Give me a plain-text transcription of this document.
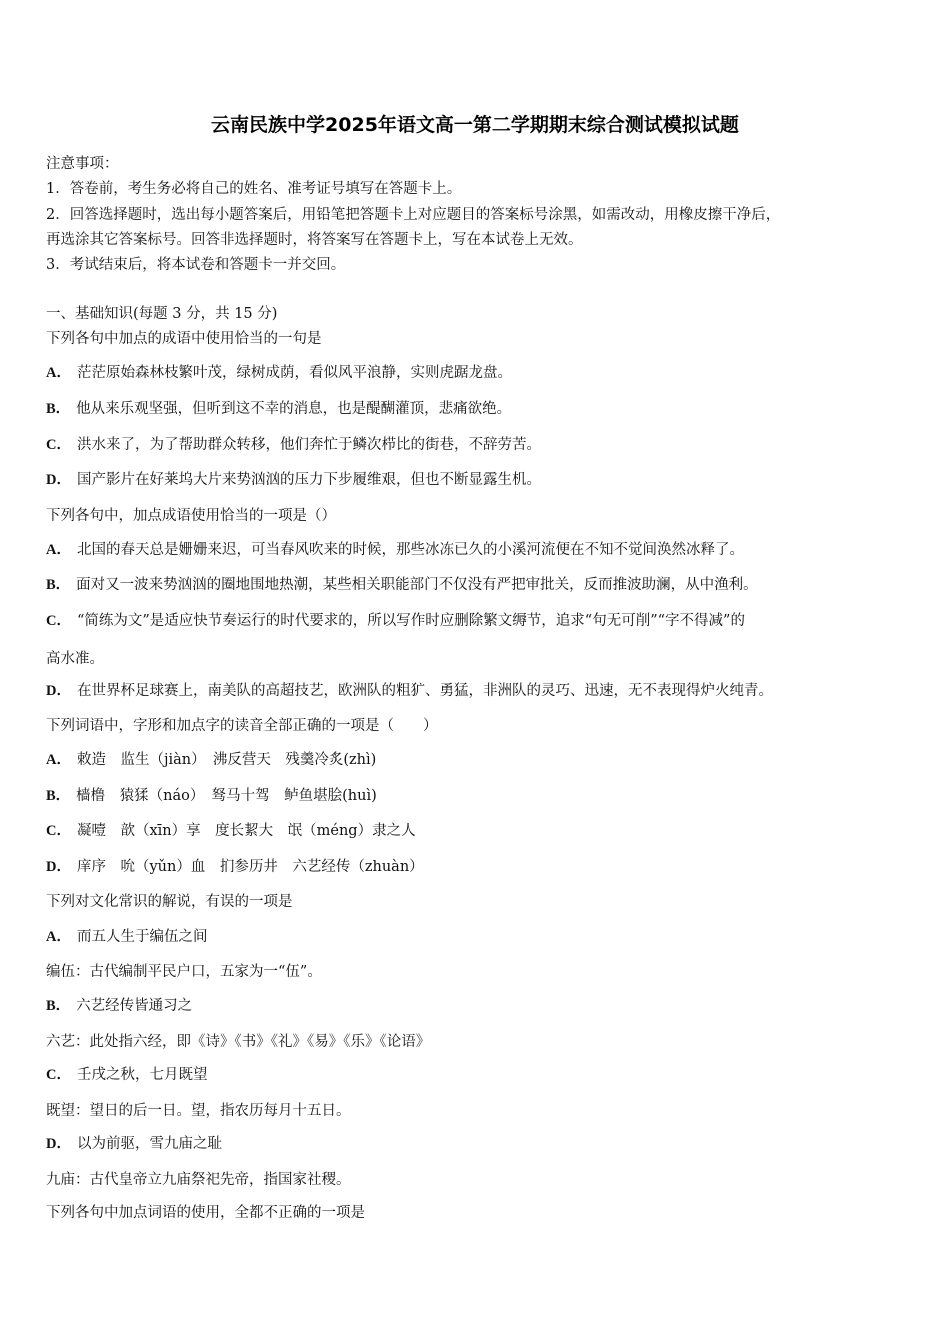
云南民族中学2025年语文高一第二学期期末综合测试模拟试题
注意事项：
1．答卷前，考生务必将自己的姓名、准考证号填写在答题卡上。
2．回答选择题时，选出每小题答案后，用铅笔把答题卡上对应题目的答案标号涂黑，如需改动，用橡皮擦干净后，
再选涂其它答案标号。回答非选择题时，将答案写在答题卡上，写在本试卷上无效。
3．考试结束后，将本试卷和答题卡一并交回。
一、基础知识(每题 3 分，共 15 分)
下列各句中加点的成语中使用恰当的一句是
A． 茫茫原始森林枝繁叶茂，绿树成荫，看似风平浪静，实则虎踞龙盘。
B． 他从来乐观坚强，但听到这不幸的消息，也是醍醐灌顶，悲痛欲绝。
C． 洪水来了，为了帮助群众转移，他们奔忙于鳞次栉比的街巷，不辞劳苦。
D． 国产影片在好莱坞大片来势汹汹的压力下步履维艰，但也不断显露生机。
下列各句中，加点成语使用恰当的一项是（）
A． 北国的春天总是姗姗来迟，可当春风吹来的时候，那些冰冻已久的小溪河流便在不知不觉间涣然冰释了。
B． 面对又一波来势汹汹的圈地围地热潮，某些相关职能部门不仅没有严把审批关，反而推波助澜，从中渔利。
C． “简练为文”是适应快节奏运行的时代要求的，所以写作时应删除繁文缛节，追求“句无可削”“字不得减”的
高水准。
D． 在世界杯足球赛上，南美队的高超技艺，欧洲队的粗犷、勇猛，非洲队的灵巧、迅速，无不表现得炉火纯青。
下列词语中，字形和加点字的读音全部正确的一项是（　　）
A． 敕造　监生（jiàn）　沸反营天　残羹冷炙(zhì)
B． 樯橹　猿猱（náo）　驽马十驾　鲈鱼堪脍(huì)
C． 凝噎　歆（xīn）享　度长絜大　氓（méng）隶之人
D． 庠序　吮（yǔn）血　扪参历井　六艺经传（zhuàn）
下列对文化常识的解说，有误的一项是
A． 而五人生于编伍之间
编伍：古代编制平民户口，五家为一“伍”。
B． 六艺经传皆通习之
六艺：此处指六经，即《诗》《书》《礼》《易》《乐》《论语》
C． 壬戌之秋，七月既望
既望：望日的后一日。望，指农历每月十五日。
D． 以为前驱，雪九庙之耻
九庙：古代皇帝立九庙祭祀先帝，指国家社稷。
下列各句中加点词语的使用，全都不正确的一项是
